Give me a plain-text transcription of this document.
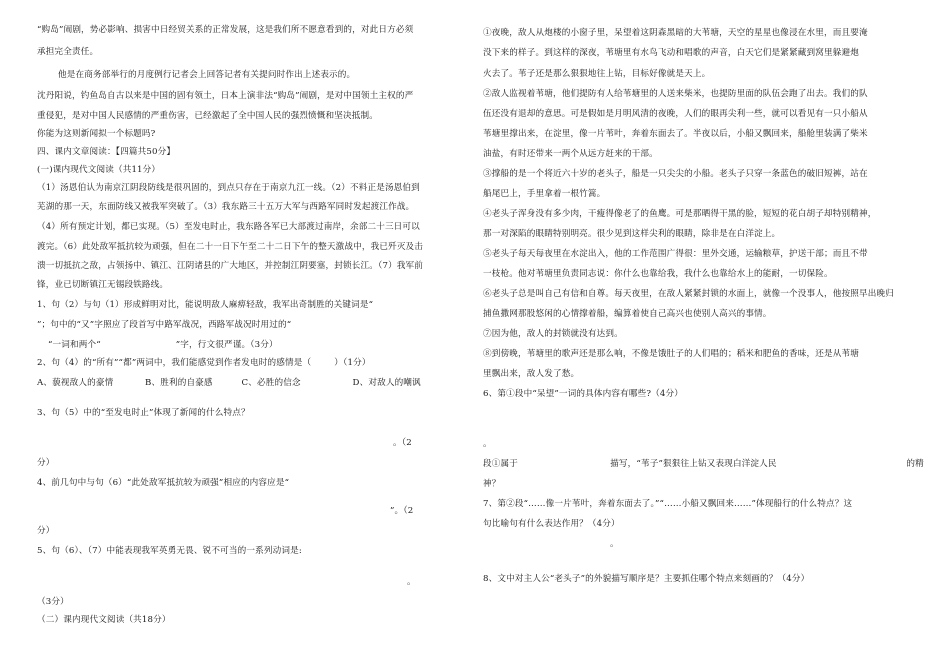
“购岛”闹剧，势必影响、损害中日经贸关系的正常发展，这是我们所不愿意看到的，对此日方必须
承担完全责任。
他是在商务部举行的月度例行记者会上回答记者有关提问时作出上述表示的。
沈丹阳说，钓鱼岛自古以来是中国的固有领土，日本上演非法“购岛”闹剧，是对中国领土主权的严
重侵犯，是对中国人民感情的严重伤害，已经激起了全中国人民的强烈愤慨和坚决抵制。
你能为这则新闻拟一个标题吗?
四、课内文章阅读：【四篇共50分】
(一)课内现代文阅读（共11分）
（1）汤恩伯认为南京江阴段防线是很巩固的，到点只存在于南京九江一线。（2）不料正是汤恩伯到
芜湖的那一天，东面防线又被我军突破了。（3）我东路三十五万大军与西路军同时发起渡江作战。
（4）所有预定计划，都已实现。（5）至发电时止，我东路各军已大部渡过南岸，余部二十三日可以
渡完。（6）此处敌军抵抗较为顽强，但在二十一日下午至二十二日下午的整天激战中，我已歼灭及击
溃一切抵抗之敌，占领扬中、镇江、江阴诸县的广大地区，并控制江阴要塞，封锁长江。（7）我军前
锋，业已切断镇江无锡段铁路线。
1、句（2）与句（1）形成鲜明对比，能说明敌人麻痹轻敌，我军出奇制胜的关键词是“
”；句中的“又”字照应了段首写中路军战况，西路军战况时用过的“
“一词和两个“                          ”字，行文很严谨。（3分）
2、句（4）的“所有”“都”两词中，我们能感觉到作者发电时的感情是（        ）（1分）
A、藐视敌人的豪情           B、胜利的自豪感          C、必胜的信念                  D、对敌人的嘲讽
3、句（5）中的“至发电时止”体现了新闻的什么特点？
。（2
分）
4、前几句中与句（6）“此处敌军抵抗较为顽强”相应的内容应是“
”。（2
分）
5、句（6）、（7）中能表现我军英勇无畏、锐不可当的一系列动词是:
。
（3分）
（二）课内现代文阅读（共18分）
①夜晚，敌人从炮楼的小窗子里，呆望着这阴森黑暗的大苇塘，天空的星星也像浸在水里，而且要淹
没下来的样子。到这样的深夜，苇塘里有水鸟飞动和唱歌的声音，白天它们是紧紧藏到窝里躲避炮
火去了。苇子还是那么狠狠地往上钻，目标好像就是天上。
②敌人监视着苇塘，他们提防有人给苇塘里的人送来柴米，也提防里面的队伍会跑了出去。我们的队
伍还没有退却的意思。可是假如是月明风清的夜晚，人们的眼再尖利一些，就可以看见有一只小船从
苇塘里撑出来，在淀里，像一片苇叶，奔着东面去了。半夜以后，小船又飘回来，船舱里装满了柴米
油盐，有时还带来一两个从远方赶来的干部。
③撑船的是一个将近六十岁的老头子，船是一只尖尖的小船。老头子只穿一条蓝色的破旧短裤，站在
船尾巴上，手里拿着一根竹篙。
④老头子浑身没有多少肉，干瘦得像老了的鱼鹰。可是那晒得干黑的脸，短短的花白胡子却特别精神，
那一对深陷的眼睛特别明亮。很少见到这样尖利的眼睛，除非是在白洋淀上。
⑤老头子每天每夜里在水淀出入，他的工作范围广得很：里外交通，运输粮草，护送干部；而且不带
一枝枪。他对苇塘里负责同志说：你什么也靠给我，我什么也靠给水上的能耐，一切保险。
⑥老头子总是叫自己有信和自尊。每天夜里，在敌人紧紧封锁的水面上，就像一个没事人，他按照早出晚归
捕鱼撒网那股悠闲的心情撑着船，编算着使自己高兴也使别人高兴的事情。
⑦因为他，敌人的封锁就没有达到。
⑧到傍晚，苇塘里的歌声还是那么响，不像是饿肚子的人们唱的；稻米和肥鱼的香味，还是从苇塘
里飘出来，敌人发了愁。
6、第①段中“呆望”一词的具体内容有哪些?（4分）
。
段①属于                                描写，“苇子”狠狠往上钻又表现白洋淀人民                                             的精
神？
7、第②段“……像一片苇叶，奔着东面去了。”“……小船又飘回来……”体现船行的什么特点？这
句比喻句有什么表达作用？（4分）
。
8、文中对主人公“老头子”的外貌描写顺序是？主要抓住哪个特点来刻画的？（4分）
